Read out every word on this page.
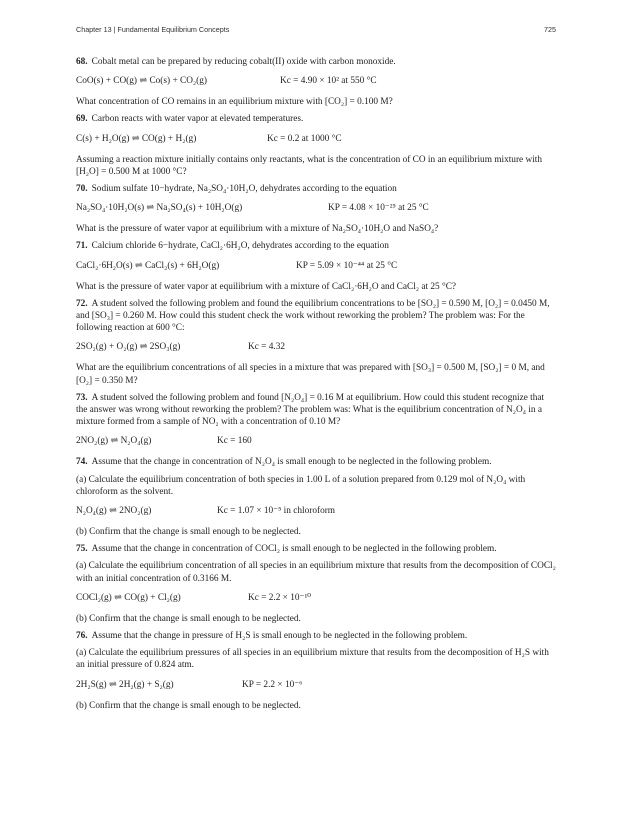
Chapter 13 | Fundamental Equilibrium Concepts	725

68. Cobalt metal can be prepared by reducing cobalt(II) oxide with carbon monoxide.

CoO(s) + CO(g) ⇌ Co(s) + CO₂(g)	Kc = 4.90 × 10² at 550 °C

What concentration of CO remains in an equilibrium mixture with [CO₂] = 0.100 M?

69. Carbon reacts with water vapor at elevated temperatures.

C(s) + H₂O(g) ⇌ CO(g) + H₂(g)	Kc = 0.2 at 1000 °C

Assuming a reaction mixture initially contains only reactants, what is the concentration of CO in an equilibrium mixture with [H₂O] = 0.500 M at 1000 °C?

70. Sodium sulfate 10−hydrate, Na₂SO₄·10H₂O, dehydrates according to the equation

Na₂SO₄·10H₂O(s) ⇌ Na₂SO₄(s) + 10H₂O(g)	KP = 4.08 × 10⁻²⁵ at 25 °C

What is the pressure of water vapor at equilibrium with a mixture of Na₂SO₄·10H₂O and NaSO₄?

71. Calcium chloride 6−hydrate, CaCl₂·6H₂O, dehydrates according to the equation

CaCl₂·6H₂O(s) ⇌ CaCl₂(s) + 6H₂O(g)	KP = 5.09 × 10⁻⁴⁴ at 25 °C

What is the pressure of water vapor at equilibrium with a mixture of CaCl₂·6H₂O and CaCl₂ at 25 °C?

72. A student solved the following problem and found the equilibrium concentrations to be [SO₂] = 0.590 M, [O₂] = 0.0450 M, and [SO₃] = 0.260 M. How could this student check the work without reworking the problem? The problem was: For the following reaction at 600 °C:

2SO₂(g) + O₂(g) ⇌ 2SO₃(g)	Kc = 4.32

What are the equilibrium concentrations of all species in a mixture that was prepared with [SO₃] = 0.500 M, [SO₂] = 0 M, and [O₂] = 0.350 M?

73. A student solved the following problem and found [N₂O₄] = 0.16 M at equilibrium. How could this student recognize that the answer was wrong without reworking the problem? The problem was: What is the equilibrium concentration of N₂O₄ in a mixture formed from a sample of NO₂ with a concentration of 0.10 M?

2NO₂(g) ⇌ N₂O₄(g)	Kc = 160

74. Assume that the change in concentration of N₂O₄ is small enough to be neglected in the following problem.

(a) Calculate the equilibrium concentration of both species in 1.00 L of a solution prepared from 0.129 mol of N₂O₄ with chloroform as the solvent.

N₂O₄(g) ⇌ 2NO₂(g)	Kc = 1.07 × 10⁻⁵ in chloroform

(b) Confirm that the change is small enough to be neglected.

75. Assume that the change in concentration of COCl₂ is small enough to be neglected in the following problem.

(a) Calculate the equilibrium concentration of all species in an equilibrium mixture that results from the decomposition of COCl₂ with an initial concentration of 0.3166 M.

COCl₂(g) ⇌ CO(g) + Cl₂(g)	Kc = 2.2 × 10⁻¹⁰

(b) Confirm that the change is small enough to be neglected.

76. Assume that the change in pressure of H₂S is small enough to be neglected in the following problem.

(a) Calculate the equilibrium pressures of all species in an equilibrium mixture that results from the decomposition of H₂S with an initial pressure of 0.824 atm.

2H₂S(g) ⇌ 2H₂(g) + S₂(g)	KP = 2.2 × 10⁻⁶

(b) Confirm that the change is small enough to be neglected.
